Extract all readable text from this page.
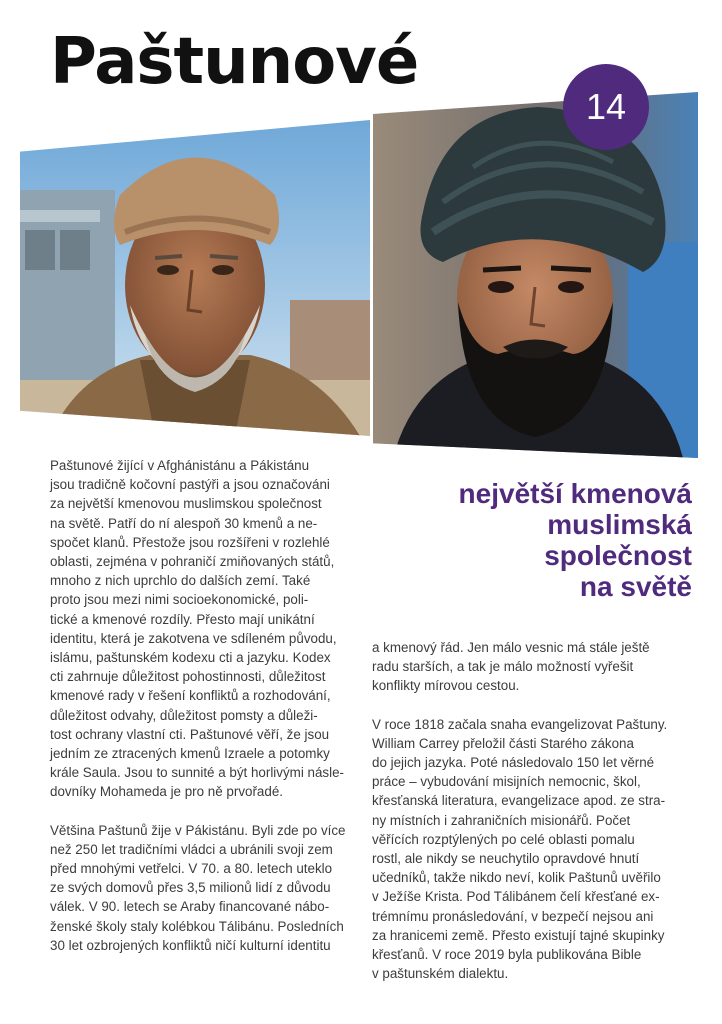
Paštunové
14
největší kmenová
muslimská
společnost
na světě

Paštunové žijící v Afghánistánu a Pákistánu
jsou tradičně kočovní pastýři a jsou označováni
za největší kmenovou muslimskou společnost
na světě. Patří do ní alespoň 30 kmenů a ne-
spočet klanů. Přestože jsou rozšířeni v rozlehlé
oblasti, zejména v pohraničí zmiňovaných států,
mnoho z nich uprchlo do dalších zemí. Také
proto jsou mezi nimi socioekonomické, poli-
tické a kmenové rozdíly. Přesto mají unikátní
identitu, která je zakotvena ve sdíleném původu,
islámu, paštunském kodexu cti a jazyku. Kodex
cti zahrnuje důležitost pohostinnosti, důležitost
kmenové rady v řešení konfliktů a rozhodování,
důležitost odvahy, důležitost pomsty a důleži-
tost ochrany vlastní cti. Paštunové věří, že jsou
jedním ze ztracených kmenů Izraele a potomky
krále Saula. Jsou to sunnité a být horlivými násle-
dovníky Mohameda je pro ně prvořadé.

Většina Paštunů žije v Pákistánu. Byli zde po více
než 250 let tradičními vládci a ubránili svoji zem
před mnohými vetřelci. V 70. a 80. letech uteklo
ze svých domovů přes 3,5 milionů lidí z důvodu
válek. V 90. letech se Araby financované nábo-
ženské školy staly kolébkou Tálibánu. Posledních
30 let ozbrojených konfliktů ničí kulturní identitu

a kmenový řád. Jen málo vesnic má stále ještě
radu starších, a tak je málo možností vyřešit
konflikty mírovou cestou.

V roce 1818 začala snaha evangelizovat Paštuny.
William Carrey přeložil části Starého zákona
do jejich jazyka. Poté následovalo 150 let věrné
práce – vybudování misijních nemocnic, škol,
křesťanská literatura, evangelizace apod. ze stra-
ny místních i zahraničních misionářů. Počet
věřících rozptýlených po celé oblasti pomalu
rostl, ale nikdy se neuchytilo opravdové hnutí
učedníků, takže nikdo neví, kolik Paštunů uvěřilo
v Ježíše Krista. Pod Tálibánem čelí křesťané ex-
trémnímu pronásledování, v bezpečí nejsou ani
za hranicemi země. Přesto existují tajné skupinky
křesťanů. V roce 2019 byla publikována Bible
v paštunském dialektu.
